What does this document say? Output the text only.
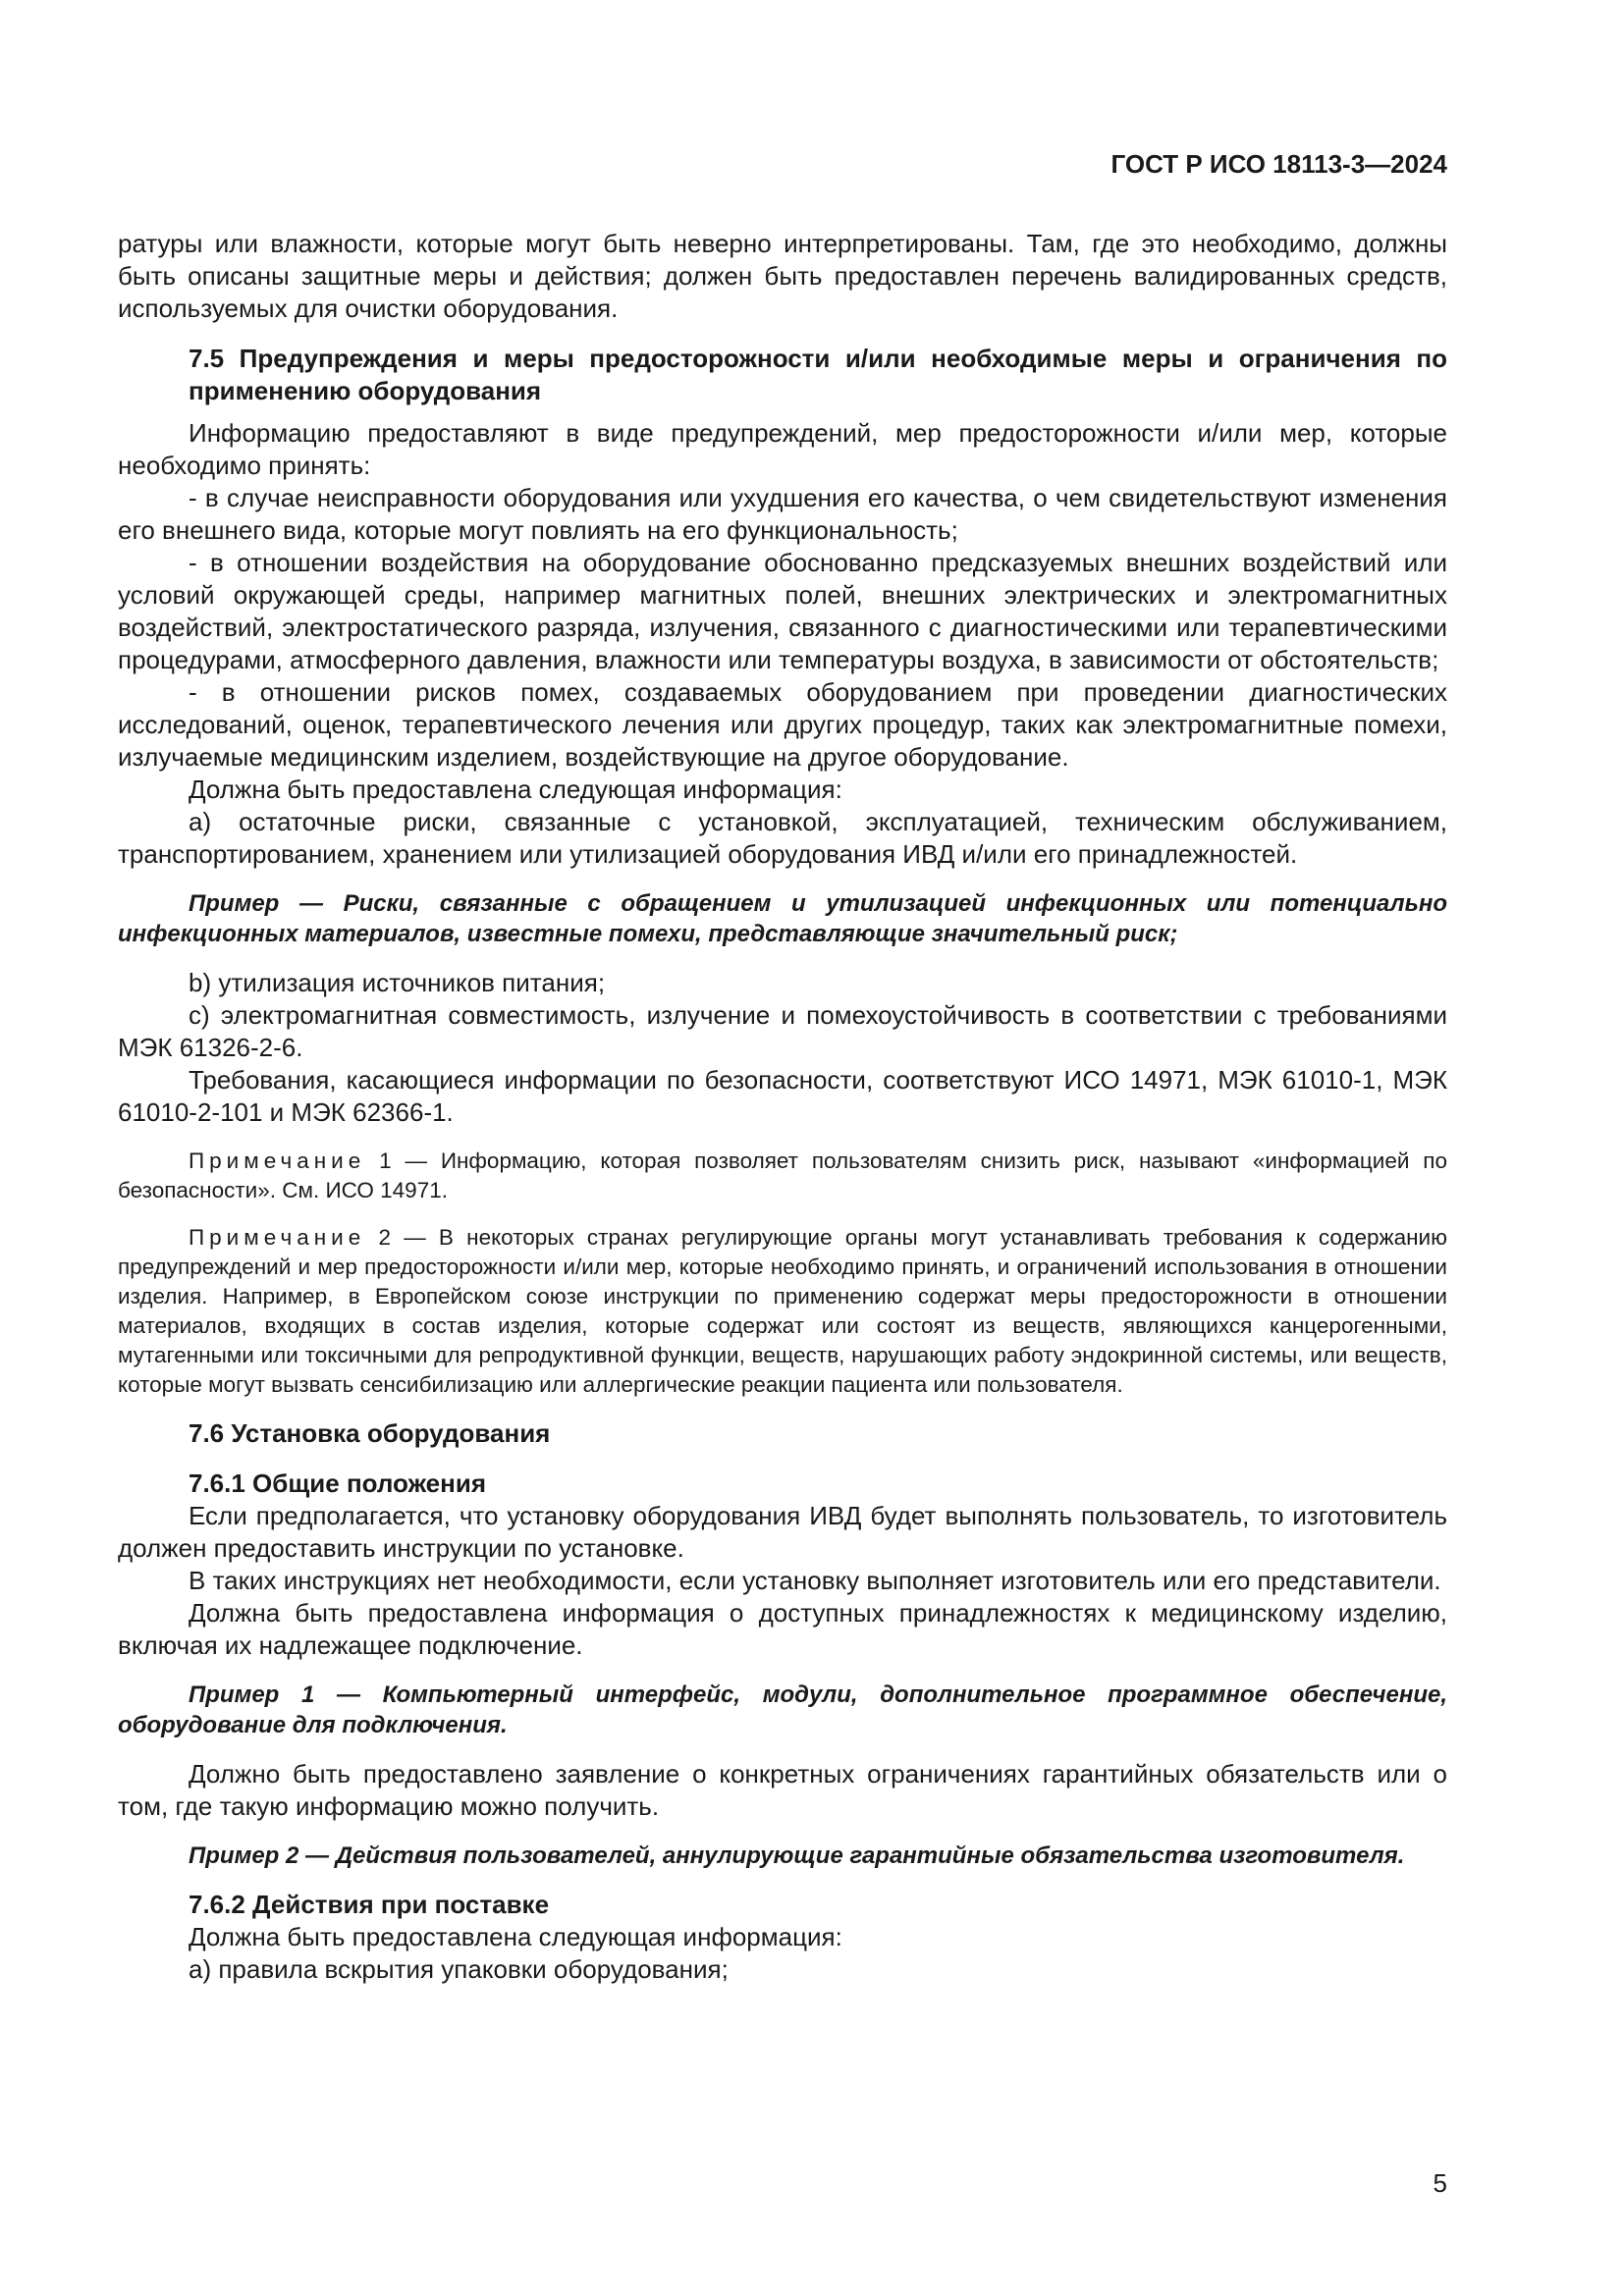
ГОСТ Р ИСО 18113-3—2024

ратуры или влажности, которые могут быть неверно интерпретированы. Там, где это необходимо, должны быть описаны защитные меры и действия; должен быть предоставлен перечень валидированных средств, используемых для очистки оборудования.

7.5 Предупреждения и меры предосторожности и/или необходимые меры и ограничения по применению оборудования

Информацию предоставляют в виде предупреждений, мер предосторожности и/или мер, которые необходимо принять:

- в случае неисправности оборудования или ухудшения его качества, о чем свидетельствуют изменения его внешнего вида, которые могут повлиять на его функциональность;

- в отношении воздействия на оборудование обоснованно предсказуемых внешних воздействий или условий окружающей среды, например магнитных полей, внешних электрических и электромагнитных воздействий, электростатического разряда, излучения, связанного с диагностическими или терапевтическими процедурами, атмосферного давления, влажности или температуры воздуха, в зависимости от обстоятельств;

- в отношении рисков помех, создаваемых оборудованием при проведении диагностических исследований, оценок, терапевтического лечения или других процедур, таких как электромагнитные помехи, излучаемые медицинским изделием, воздействующие на другое оборудование.

Должна быть предоставлена следующая информация:

a) остаточные риски, связанные с установкой, эксплуатацией, техническим обслуживанием, транспортированием, хранением или утилизацией оборудования ИВД и/или его принадлежностей.

Пример — Риски, связанные с обращением и утилизацией инфекционных или потенциально инфекционных материалов, известные помехи, представляющие значительный риск;

b) утилизация источников питания;

c) электромагнитная совместимость, излучение и помехоустойчивость в соответствии с требованиями МЭК 61326-2-6.

Требования, касающиеся информации по безопасности, соответствуют ИСО 14971, МЭК 61010-1, МЭК 61010-2-101 и МЭК 62366-1.

Примечание 1 — Информацию, которая позволяет пользователям снизить риск, называют «информацией по безопасности». См. ИСО 14971.

Примечание 2 — В некоторых странах регулирующие органы могут устанавливать требования к содержанию предупреждений и мер предосторожности и/или мер, которые необходимо принять, и ограничений использования в отношении изделия. Например, в Европейском союзе инструкции по применению содержат меры предосторожности в отношении материалов, входящих в состав изделия, которые содержат или состоят из веществ, являющихся канцерогенными, мутагенными или токсичными для репродуктивной функции, веществ, нарушающих работу эндокринной системы, или веществ, которые могут вызвать сенсибилизацию или аллергические реакции пациента или пользователя.

7.6 Установка оборудования

7.6.1 Общие положения

Если предполагается, что установку оборудования ИВД будет выполнять пользователь, то изготовитель должен предоставить инструкции по установке.

В таких инструкциях нет необходимости, если установку выполняет изготовитель или его представители.

Должна быть предоставлена информация о доступных принадлежностях к медицинскому изделию, включая их надлежащее подключение.

Пример 1 — Компьютерный интерфейс, модули, дополнительное программное обеспечение, оборудование для подключения.

Должно быть предоставлено заявление о конкретных ограничениях гарантийных обязательств или о том, где такую информацию можно получить.

Пример 2 — Действия пользователей, аннулирующие гарантийные обязательства изготовителя.

7.6.2 Действия при поставке

Должна быть предоставлена следующая информация:

a) правила вскрытия упаковки оборудования;

5
